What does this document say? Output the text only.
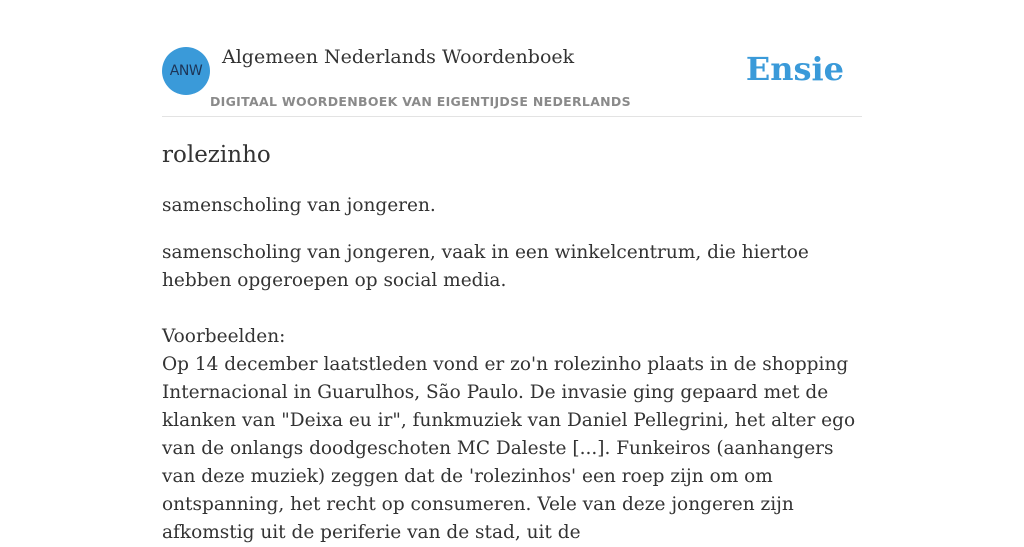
ANW
Algemeen Nederlands Woordenboek
DIGITAAL WOORDENBOEK VAN EIGENTIJDSE NEDERLANDS
Ensie
rolezinho

samenscholing van jongeren.

samenscholing van jongeren, vaak in een winkelcentrum, die hiertoe hebben opgeroepen op social media.

Voorbeelden:

Op 14 december laatstleden vond er zo'n rolezinho plaats in de shopping Internacional in Guarulhos, São Paulo. De invasie ging gepaard met de klanken van "Deixa eu ir", funkmuziek van Daniel Pellegrini, het alter ego van de onlangs doodgeschoten MC Daleste [...]. Funkeiros (aanhangers van deze muziek) zeggen dat de 'rolezinhos' een roep zijn om om ontspanning, het recht op consumeren. Vele van deze jongeren zijn afkomstig uit de periferie van de stad, uit de
